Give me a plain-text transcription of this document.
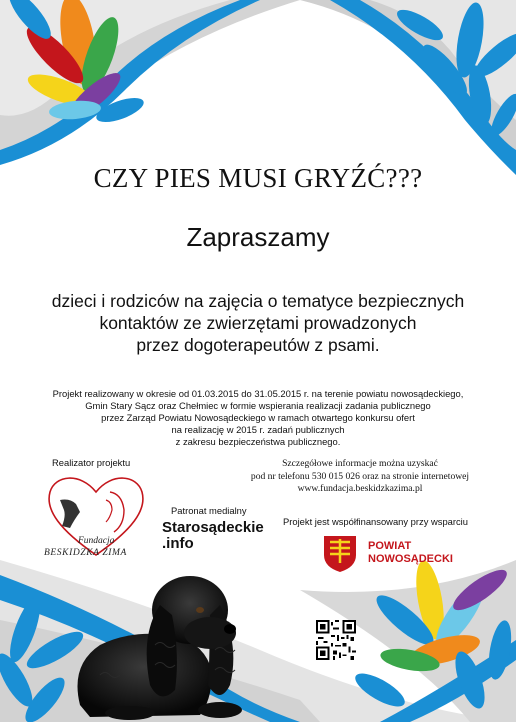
CZY PIES MUSI GRYŹĆ???
Zapraszamy
dzieci i rodziców na zajęcia o tematyce bezpiecznych
kontaktów ze zwierzętami prowadzonych
przez dogoterapeutów z psami.
Projekt realizowany w okresie od 01.03.2015 do 31.05.2015 r. na terenie powiatu nowosądeckiego,
Gmin Stary Sącz oraz Chełmiec w formie wspierania realizacji zadania publicznego
przez Zarząd Powiatu Nowosądeckiego w ramach otwartego konkursu ofert
na realizację w 2015 r. zadań publicznych
z zakresu bezpieczeństwa publicznego.
Realizator projektu
Fundacja
BESKIDZKA ZIMA
Szczegółowe informacje można uzyskać
pod nr telefonu 530 015 026 oraz na stronie internetowej
www.fundacja.beskidzkazima.pl
Patronat medialny
Starosądeckie
.info
Projekt jest współfinansowany przy wsparciu
POWIAT
NOWOSĄDECKI
